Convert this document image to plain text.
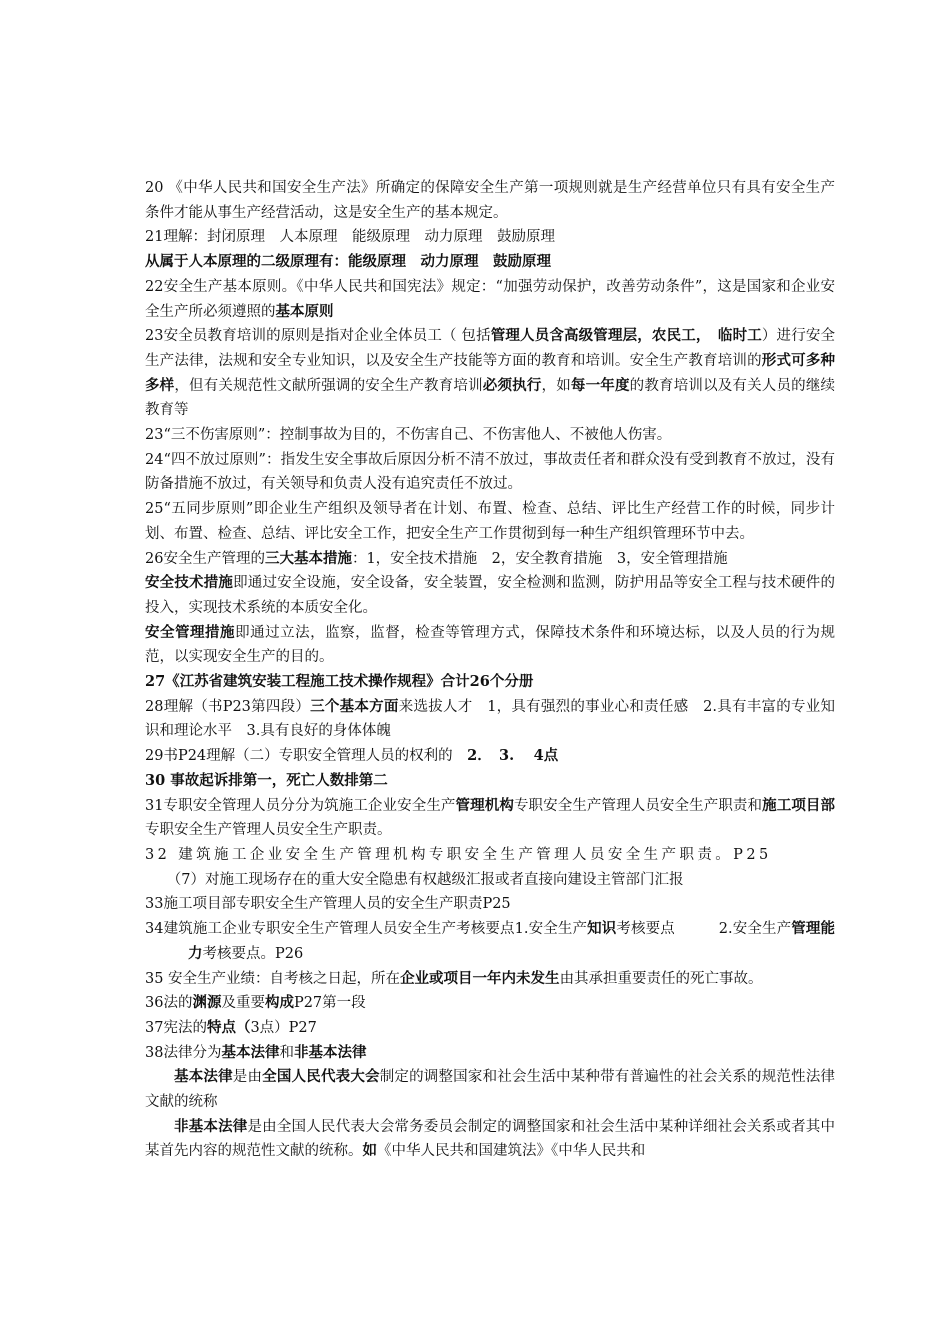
20 《中华人民共和国安全生产法》所确定的保障安全生产第一项规则就是生产经营单位只有具有安全生产条件才能从事生产经营活动，这是安全生产的基本规定。

21理解：封闭原理　人本原理　能级原理　动力原理　鼓励原理

从属于人本原理的二级原理有：能级原理　动力原理　鼓励原理

22安全生产基本原则。《中华人民共和国宪法》规定：“加强劳动保护，改善劳动条件”，这是国家和企业安全生产所必须遵照的基本原则

23安全员教育培训的原则是指对企业全体员工（ 包括管理人员含高级管理层，农民工，　临时工）进行安全生产法律，法规和安全专业知识，以及安全生产技能等方面的教育和培训。安全生产教育培训的形式可多种多样，但有关规范性文献所强调的安全生产教育培训必须执行，如每一年度的教育培训以及有关人员的继续教育等

23“三不伤害原则”：控制事故为目的，不伤害自己、不伤害他人、不被他人伤害。

24“四不放过原则”：指发生安全事故后原因分析不清不放过，事故责任者和群众没有受到教育不放过，没有防备措施不放过，有关领导和负责人没有追究责任不放过。

25“五同步原则”即企业生产组织及领导者在计划、布置、检查、总结、评比生产经营工作的时候，同步计划、布置、检查、总结、评比安全工作，把安全生产工作贯彻到每一种生产组织管理环节中去。

26安全生产管理的三大基本措施：1，安全技术措施　2，安全教育措施　3，安全管理措施

安全技术措施即通过安全设施，安全设备，安全装置，安全检测和监测，防护用品等安全工程与技术硬件的投入，实现技术系统的本质安全化。

安全管理措施即通过立法，监察，监督，检查等管理方式，保障技术条件和环境达标，以及人员的行为规范，以实现安全生产的目的。

27《江苏省建筑安装工程施工技术操作规程》合计26个分册

28理解（书P23第四段）三个基本方面来选拔人才　1，具有强烈的事业心和责任感　2.具有丰富的专业知识和理论水平　3.具有良好的身体体魄

29书P24理解（二）专职安全管理人员的权利的　2．　3.　 4点

30 事故起诉排第一，死亡人数排第二

31专职安全管理人员分分为筑施工企业安全生产管理机构专职安全生产管理人员安全生产职责和施工项目部专职安全生产管理人员安全生产职责。

32 建筑施工企业安全生产管理机构专职安全生产管理人员安全生产职责。P25

　　（7）对施工现场存在的重大安全隐患有权越级汇报或者直接向建设主管部门汇报

33施工项目部专职安全生产管理人员的安全生产职责P25

34建筑施工企业专职安全生产管理人员安全生产考核要点1.安全生产知识考核要点　　　2.安全生产管理能力考核要点。P26

35 安全生产业绩：自考核之日起，所在企业或项目一年内未发生由其承担重要责任的死亡事故。

36法的渊源及重要构成P27第一段

37宪法的特点（3点）P27

38法律分为基本法律和非基本法律

基本法律是由全国人民代表大会制定的调整国家和社会生活中某种带有普遍性的社会关系的规范性法律文献的统称

非基本法律是由全国人民代表大会常务委员会制定的调整国家和社会生活中某种详细社会关系或者其中某首先内容的规范性文献的统称。如《中华人民共和国建筑法》《中华人民共和
